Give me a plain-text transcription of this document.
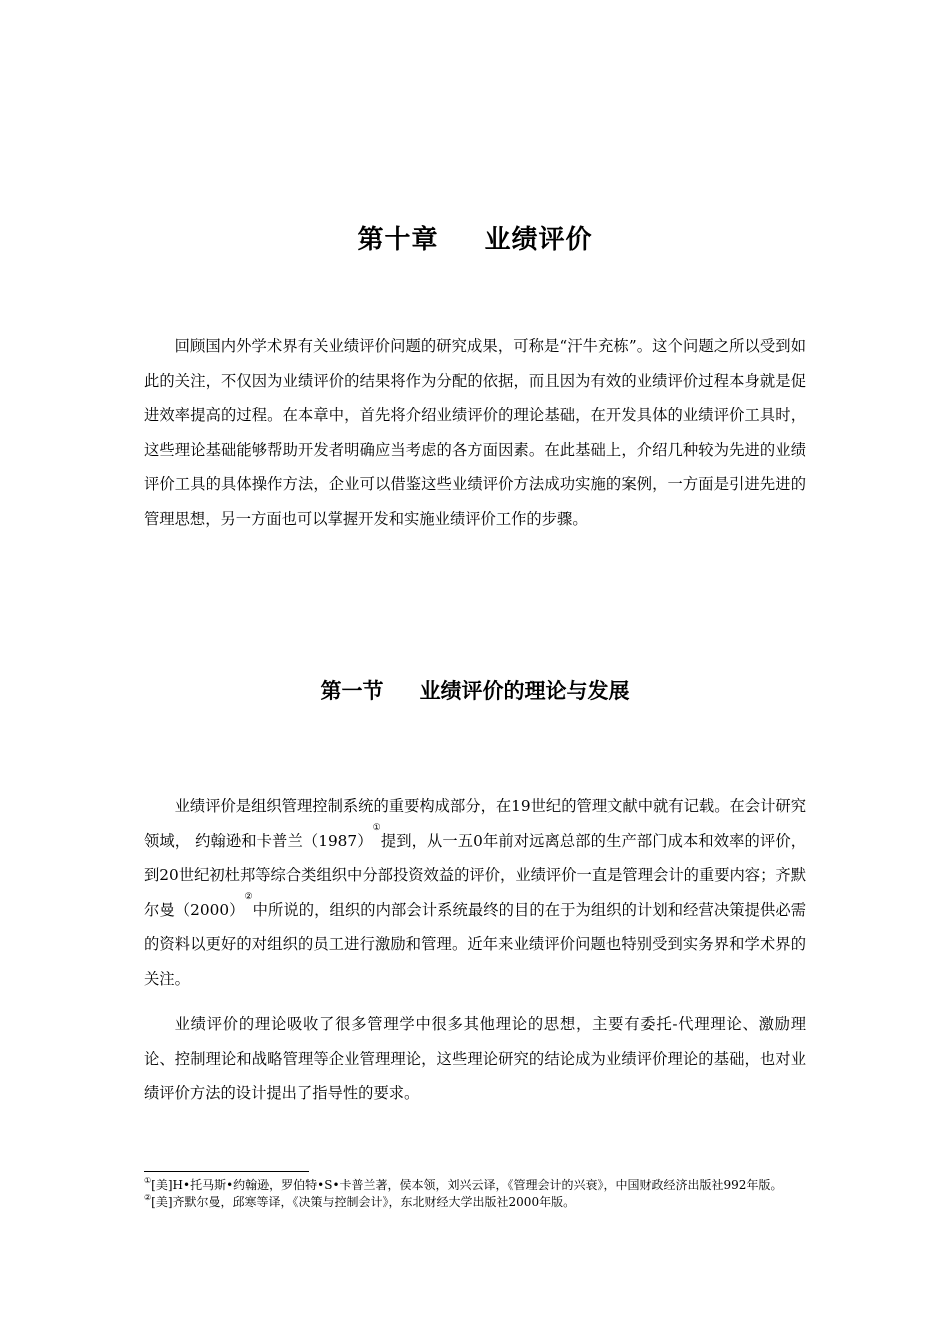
第十章 业绩评价

回顾国内外学术界有关业绩评价问题的研究成果，可称是“汗牛充栋”。这个问题之所以受到如此的关注，不仅因为业绩评价的结果将作为分配的依据，而且因为有效的业绩评价过程本身就是促进效率提高的过程。在本章中，首先将介绍业绩评价的理论基础，在开发具体的业绩评价工具时，这些理论基础能够帮助开发者明确应当考虑的各方面因素。在此基础上，介绍几种较为先进的业绩评价工具的具体操作方法，企业可以借鉴这些业绩评价方法成功实施的案例，一方面是引进先进的管理思想，另一方面也可以掌握开发和实施业绩评价工作的步骤。

第一节 业绩评价的理论与发展

业绩评价是组织管理控制系统的重要构成部分，在19世纪的管理文献中就有记载。在会计研究领域， 约翰逊和卡普兰（1987）①提到，从一五0年前对远离总部的生产部门成本和效率的评价，到20世纪初杜邦等综合类组织中分部投资效益的评价，业绩评价一直是管理会计的重要内容；齐默尔曼（2000）②中所说的，组织的内部会计系统最终的目的在于为组织的计划和经营决策提供必需的资料以更好的对组织的员工进行激励和管理。近年来业绩评价问题也特别受到实务界和学术界的关注。

业绩评价的理论吸收了很多管理学中很多其他理论的思想，主要有委托-代理理论、激励理论、控制理论和战略管理等企业管理理论，这些理论研究的结论成为业绩评价理论的基础，也对业绩评价方法的设计提出了指导性的要求。

①[美]H•托马斯•约翰逊，罗伯特•S•卡普兰著，侯本领，刘兴云译，《管理会计的兴衰》，中国财政经济出版社992年版。

②[美]齐默尔曼，邱寒等译，《决策与控制会计》，东北财经大学出版社2000年版。
